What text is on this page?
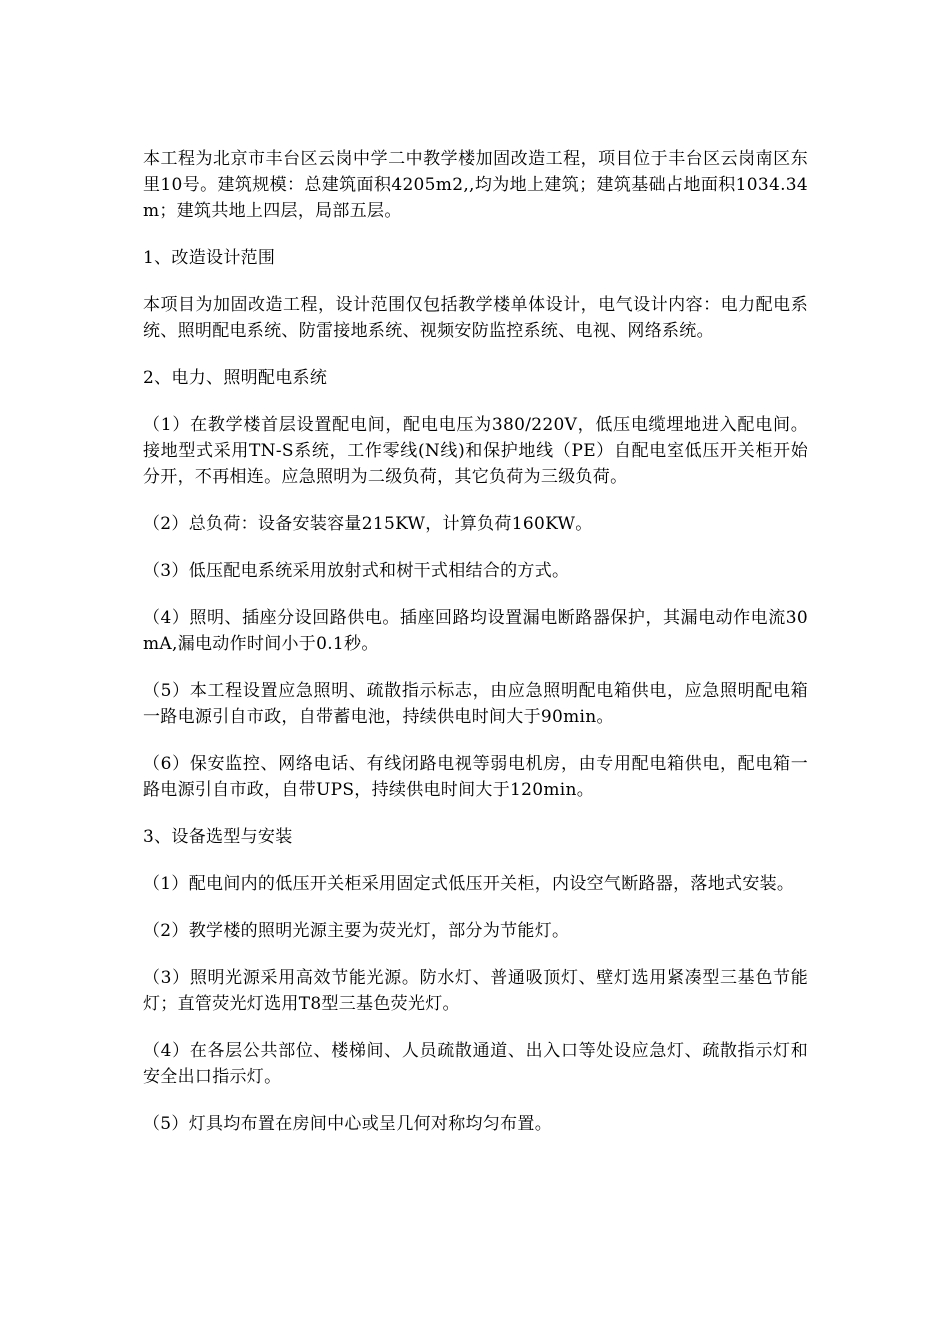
本工程为北京市丰台区云岗中学二中教学楼加固改造工程，项目位于丰台区云岗南区东里10号。建筑规模：总建筑面积4205m2,,均为地上建筑；建筑基础占地面积1034.34m；建筑共地上四层，局部五层。

1、改造设计范围

本项目为加固改造工程，设计范围仅包括教学楼单体设计，电气设计内容：电力配电系统、照明配电系统、防雷接地系统、视频安防监控系统、电视、网络系统。

2、电力、照明配电系统

（1）在教学楼首层设置配电间，配电电压为380/220V，低压电缆埋地进入配电间。接地型式采用TN-S系统，工作零线(N线)和保护地线（PE）自配电室低压开关柜开始分开，不再相连。应急照明为二级负荷，其它负荷为三级负荷。

（2）总负荷：设备安装容量215KW，计算负荷160KW。

（3）低压配电系统采用放射式和树干式相结合的方式。

（4）照明、插座分设回路供电。插座回路均设置漏电断路器保护，其漏电动作电流30mA,漏电动作时间小于0.1秒。

（5）本工程设置应急照明、疏散指示标志，由应急照明配电箱供电，应急照明配电箱一路电源引自市政，自带蓄电池，持续供电时间大于90min。

（6）保安监控、网络电话、有线闭路电视等弱电机房，由专用配电箱供电，配电箱一路电源引自市政，自带UPS，持续供电时间大于120min。

3、设备选型与安装

（1）配电间内的低压开关柜采用固定式低压开关柜，内设空气断路器，落地式安装。

（2）教学楼的照明光源主要为荧光灯，部分为节能灯。

（3）照明光源采用高效节能光源。防水灯、普通吸顶灯、壁灯选用紧凑型三基色节能灯；直管荧光灯选用T8型三基色荧光灯。

（4）在各层公共部位、楼梯间、人员疏散通道、出入口等处设应急灯、疏散指示灯和安全出口指示灯。

（5）灯具均布置在房间中心或呈几何对称均匀布置。
